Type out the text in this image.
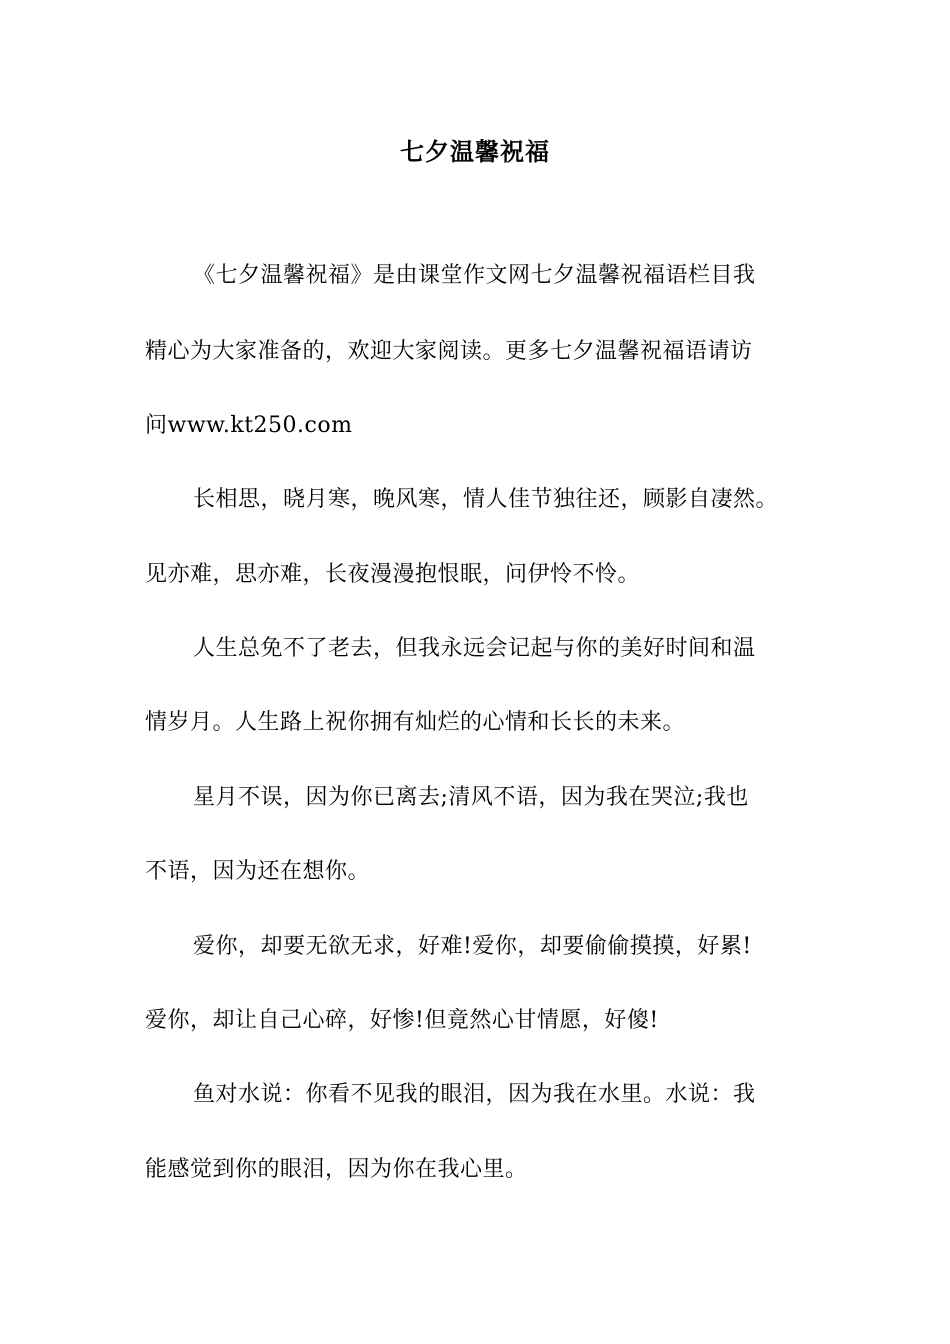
七夕温馨祝福
《七夕温馨祝福》是由课堂作文网七夕温馨祝福语栏目我
精心为大家准备的，欢迎大家阅读。更多七夕温馨祝福语请访
问www.kt250.com
长相思，晓月寒，晚风寒，情人佳节独往还，顾影自凄然。
见亦难，思亦难，长夜漫漫抱恨眠，问伊怜不怜。
人生总免不了老去，但我永远会记起与你的美好时间和温
情岁月。人生路上祝你拥有灿烂的心情和长长的未来。
星月不误，因为你已离去;清风不语，因为我在哭泣;我也
不语，因为还在想你。
爱你，却要无欲无求，好难!爱你，却要偷偷摸摸，好累!
爱你，却让自己心碎，好惨!但竟然心甘情愿，好傻!
鱼对水说：你看不见我的眼泪，因为我在水里。水说：我
能感觉到你的眼泪，因为你在我心里。
